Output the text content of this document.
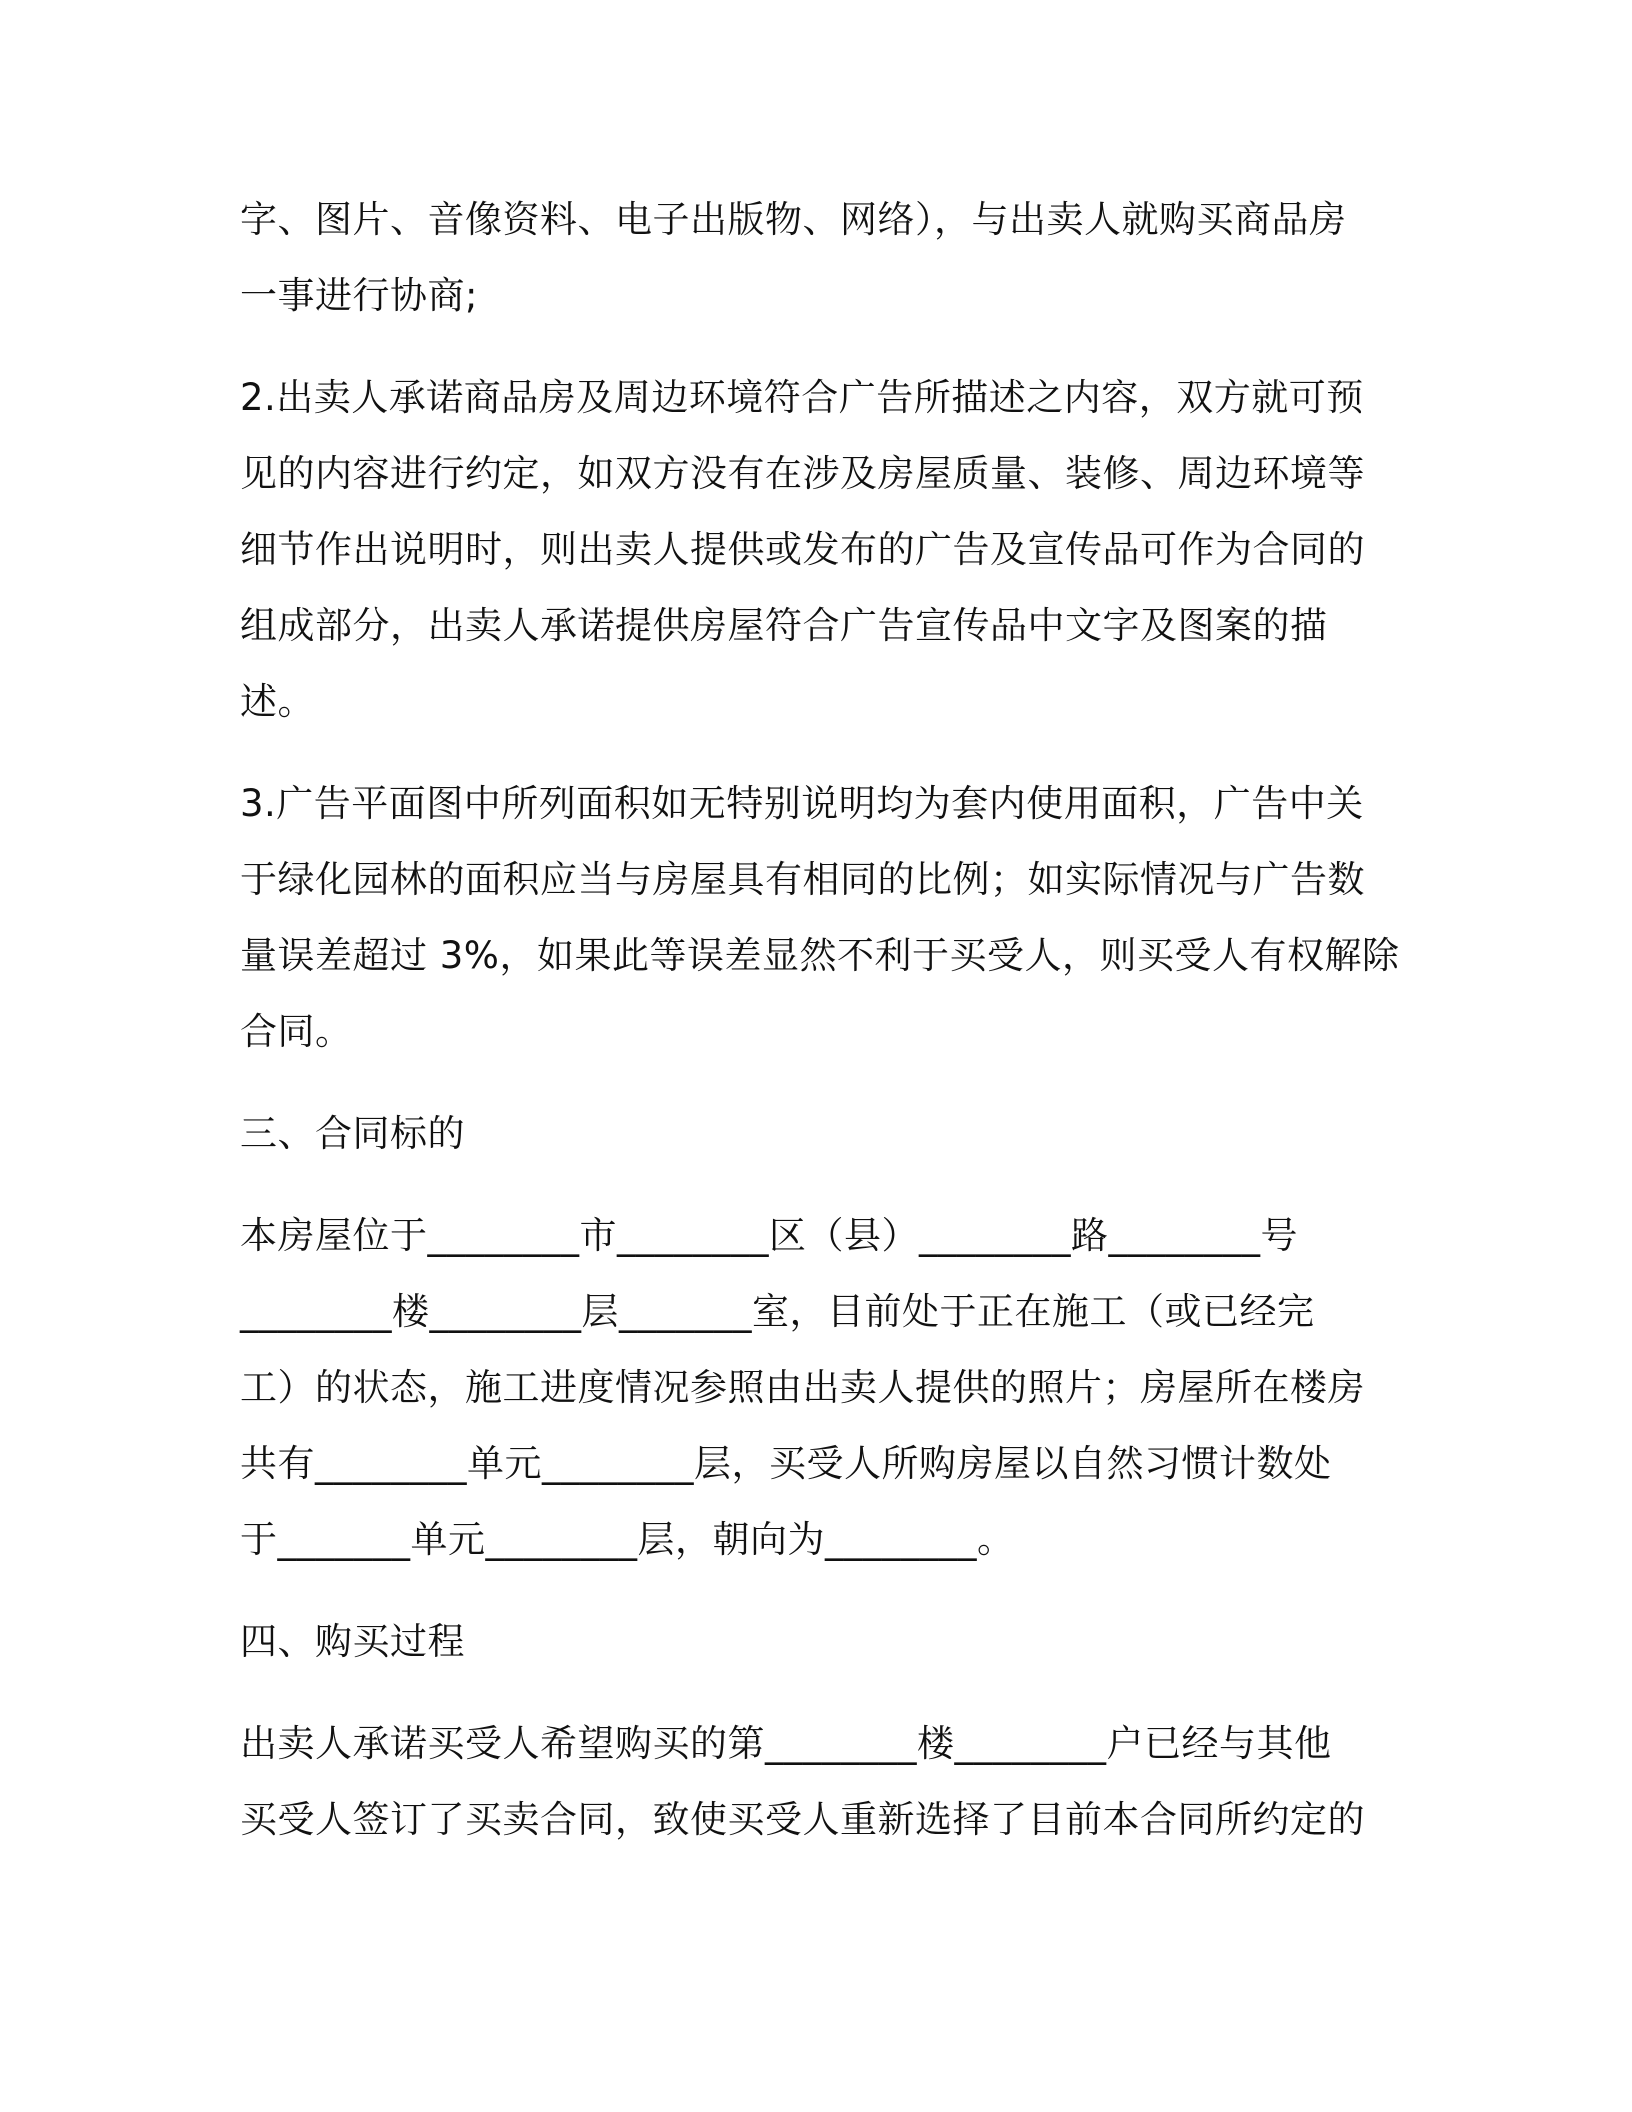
字、图片、音像资料、电子出版物、网络），与出卖人就购买商品房
一事进行协商;
2.出卖人承诺商品房及周边环境符合广告所描述之内容，双方就可预
见的内容进行约定，如双方没有在涉及房屋质量、装修、周边环境等
细节作出说明时，则出卖人提供或发布的广告及宣传品可作为合同的
组成部分，出卖人承诺提供房屋符合广告宣传品中文字及图案的描
述。
3.广告平面图中所列面积如无特别说明均为套内使用面积，广告中关
于绿化园林的面积应当与房屋具有相同的比例；如实际情况与广告数
量误差超过 3%，如果此等误差显然不利于买受人，则买受人有权解除
合同。
三、合同标的
本房屋位于________市________区（县）________路________号
________楼________层_______室，目前处于正在施工（或已经完
工）的状态，施工进度情况参照由出卖人提供的照片；房屋所在楼房
共有________单元________层，买受人所购房屋以自然习惯计数处
于_______单元________层，朝向为________。
四、购买过程
出卖人承诺买受人希望购买的第________楼________户已经与其他
买受人签订了买卖合同，致使买受人重新选择了目前本合同所约定的
